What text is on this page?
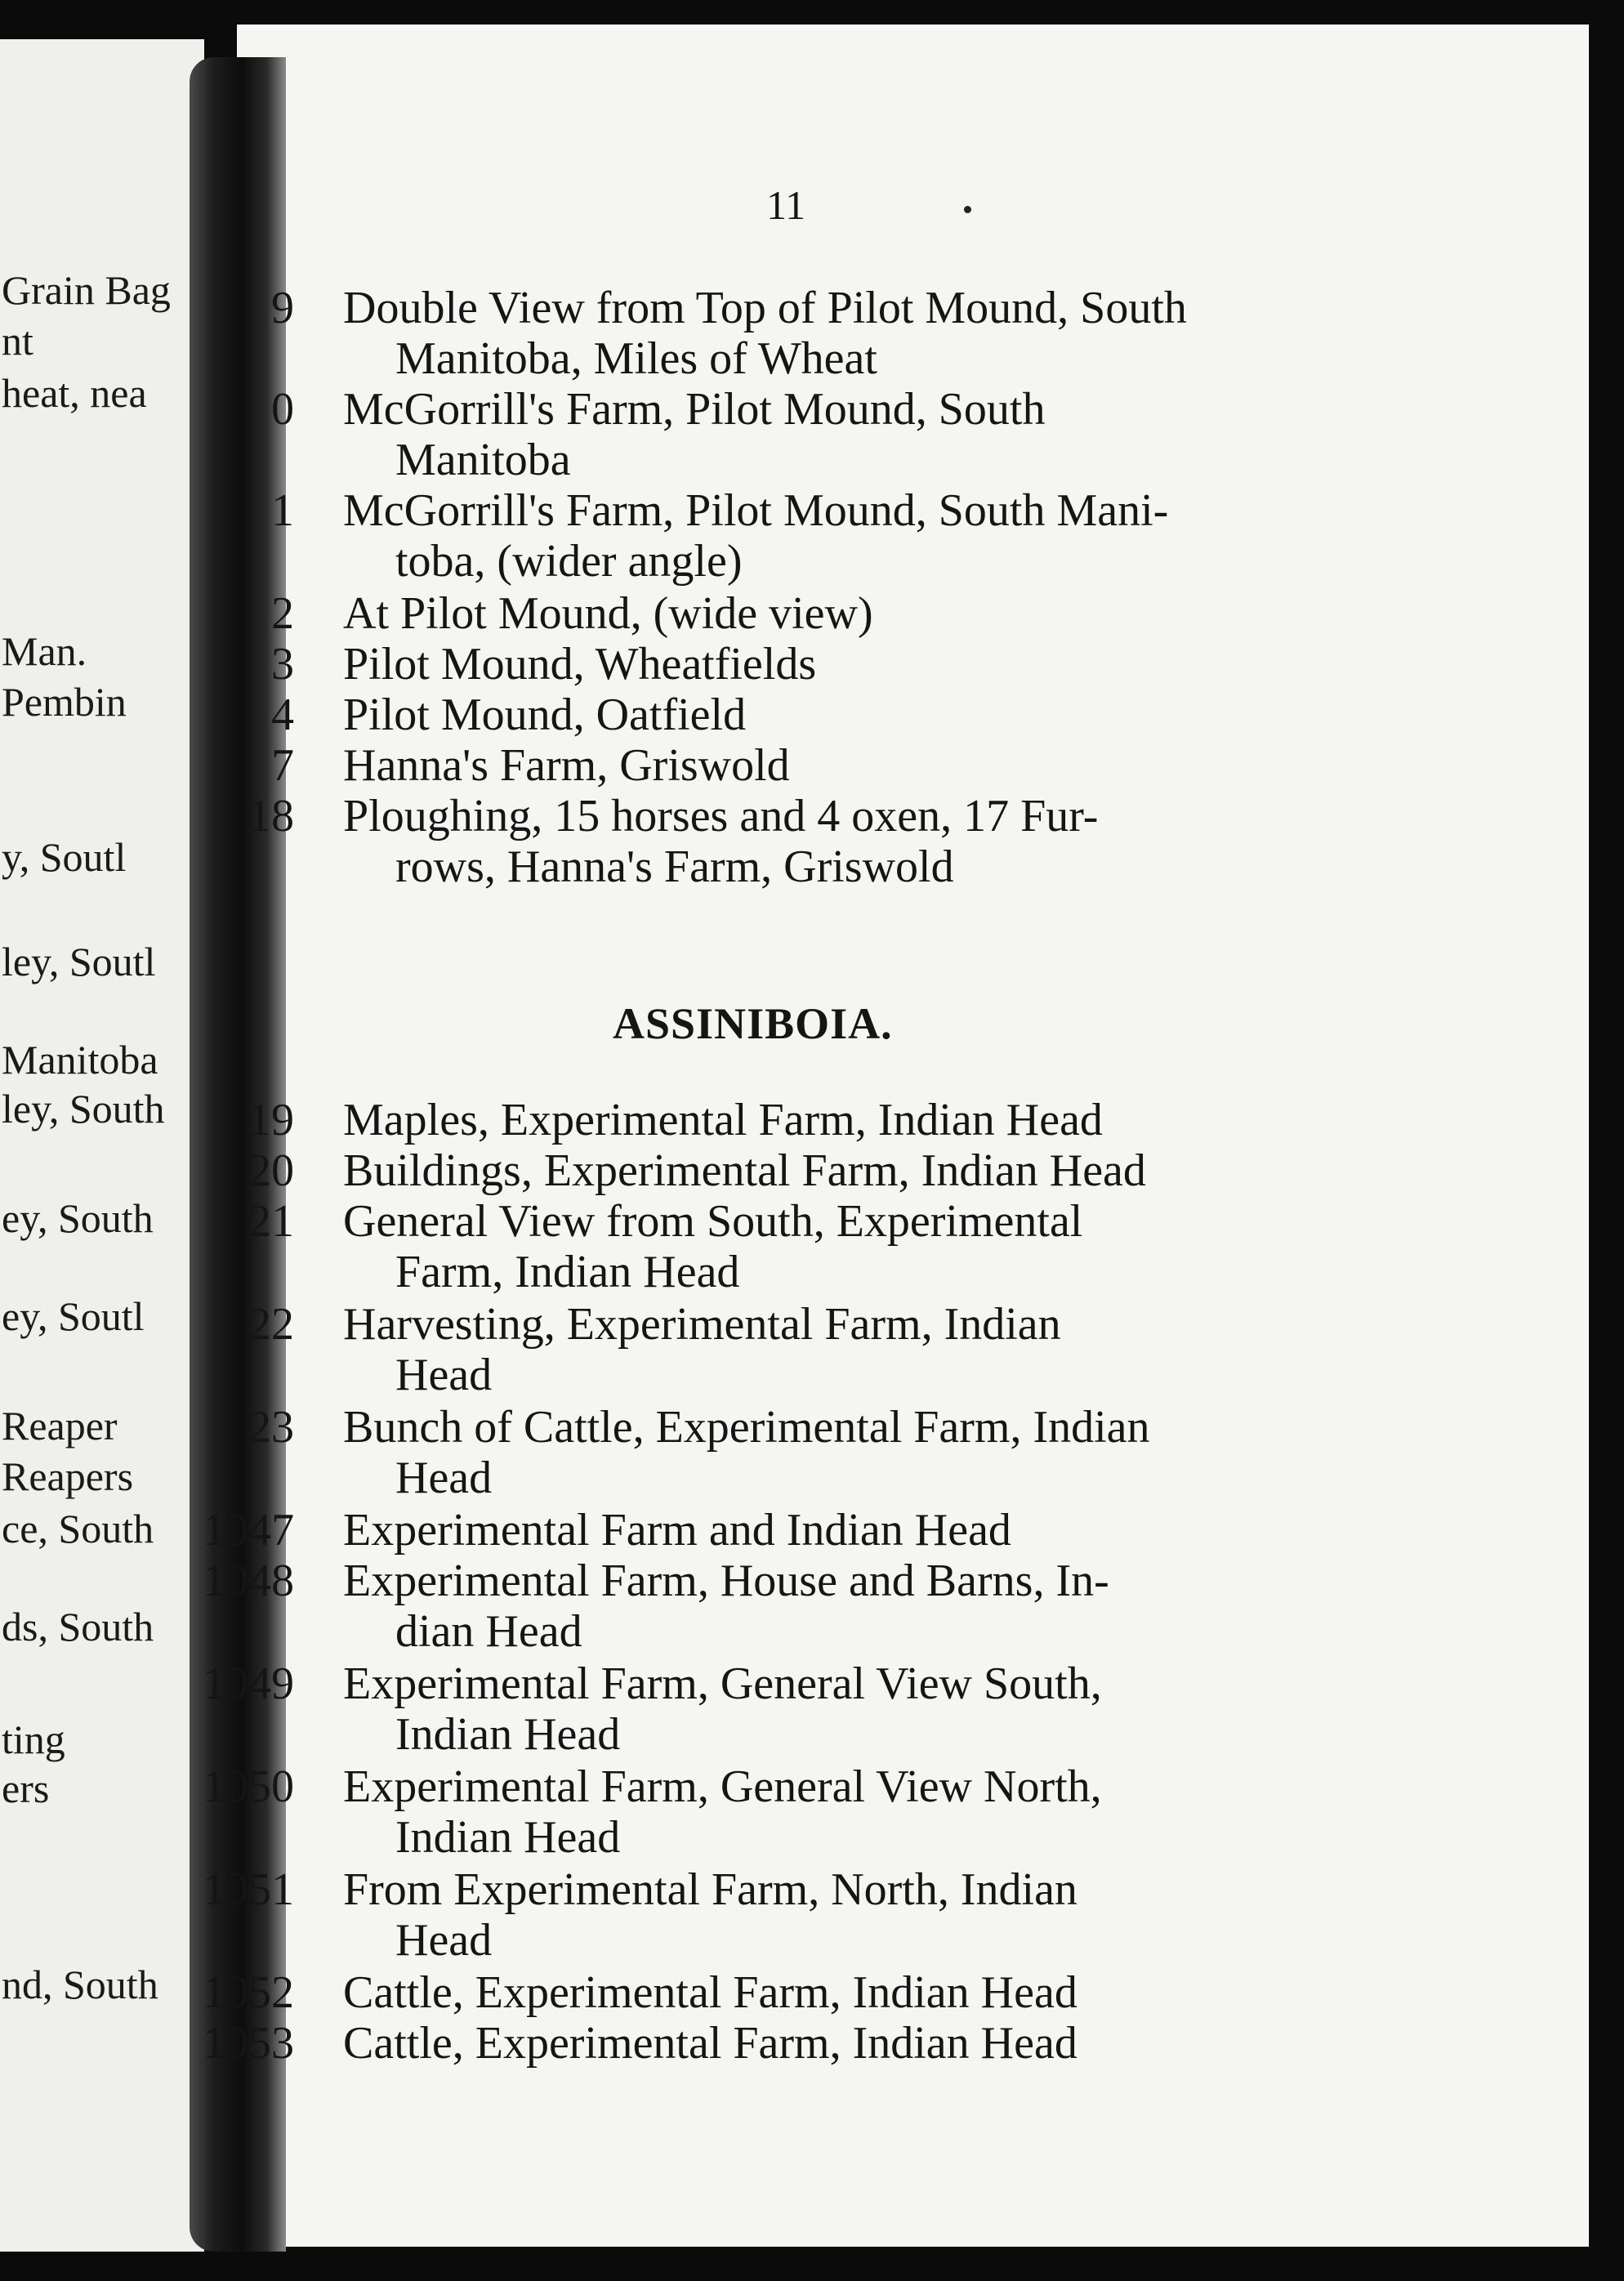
Grain Bag
nt
heat, nea
Man.
Pembin
y, Soutl
ley, Soutl
Manitoba
ley, South
ey, South
ey, Soutl
Reaper
Reapers
ce, South
ds, South
ting
ers
nd, South
11
9 Double View from Top of Pilot Mound, South
Manitoba, Miles of Wheat
0 McGorrill's Farm, Pilot Mound, South
Manitoba
1 McGorrill's Farm, Pilot Mound, South Mani-
toba, (wider angle)
2 At Pilot Mound, (wide view)
3 Pilot Mound, Wheatfields
4 Pilot Mound, Oatfield
7 Hanna's Farm, Griswold
18 Ploughing, 15 horses and 4 oxen, 17 Fur-
rows, Hanna's Farm, Griswold
19 Maples, Experimental Farm, Indian Head
20 Buildings, Experimental Farm, Indian Head
21 General View from South, Experimental
Farm, Indian Head
22 Harvesting, Experimental Farm, Indian
Head
23 Bunch of Cattle, Experimental Farm, Indian
Head
1047 Experimental Farm and Indian Head
1048 Experimental Farm, House and Barns, In-
dian Head
1049 Experimental Farm, General View South,
Indian Head
1050 Experimental Farm, General View North,
Indian Head
1051 From Experimental Farm, North, Indian
Head
1052 Cattle, Experimental Farm, Indian Head
1053 Cattle, Experimental Farm, Indian Head
ASSINIBOIA.
